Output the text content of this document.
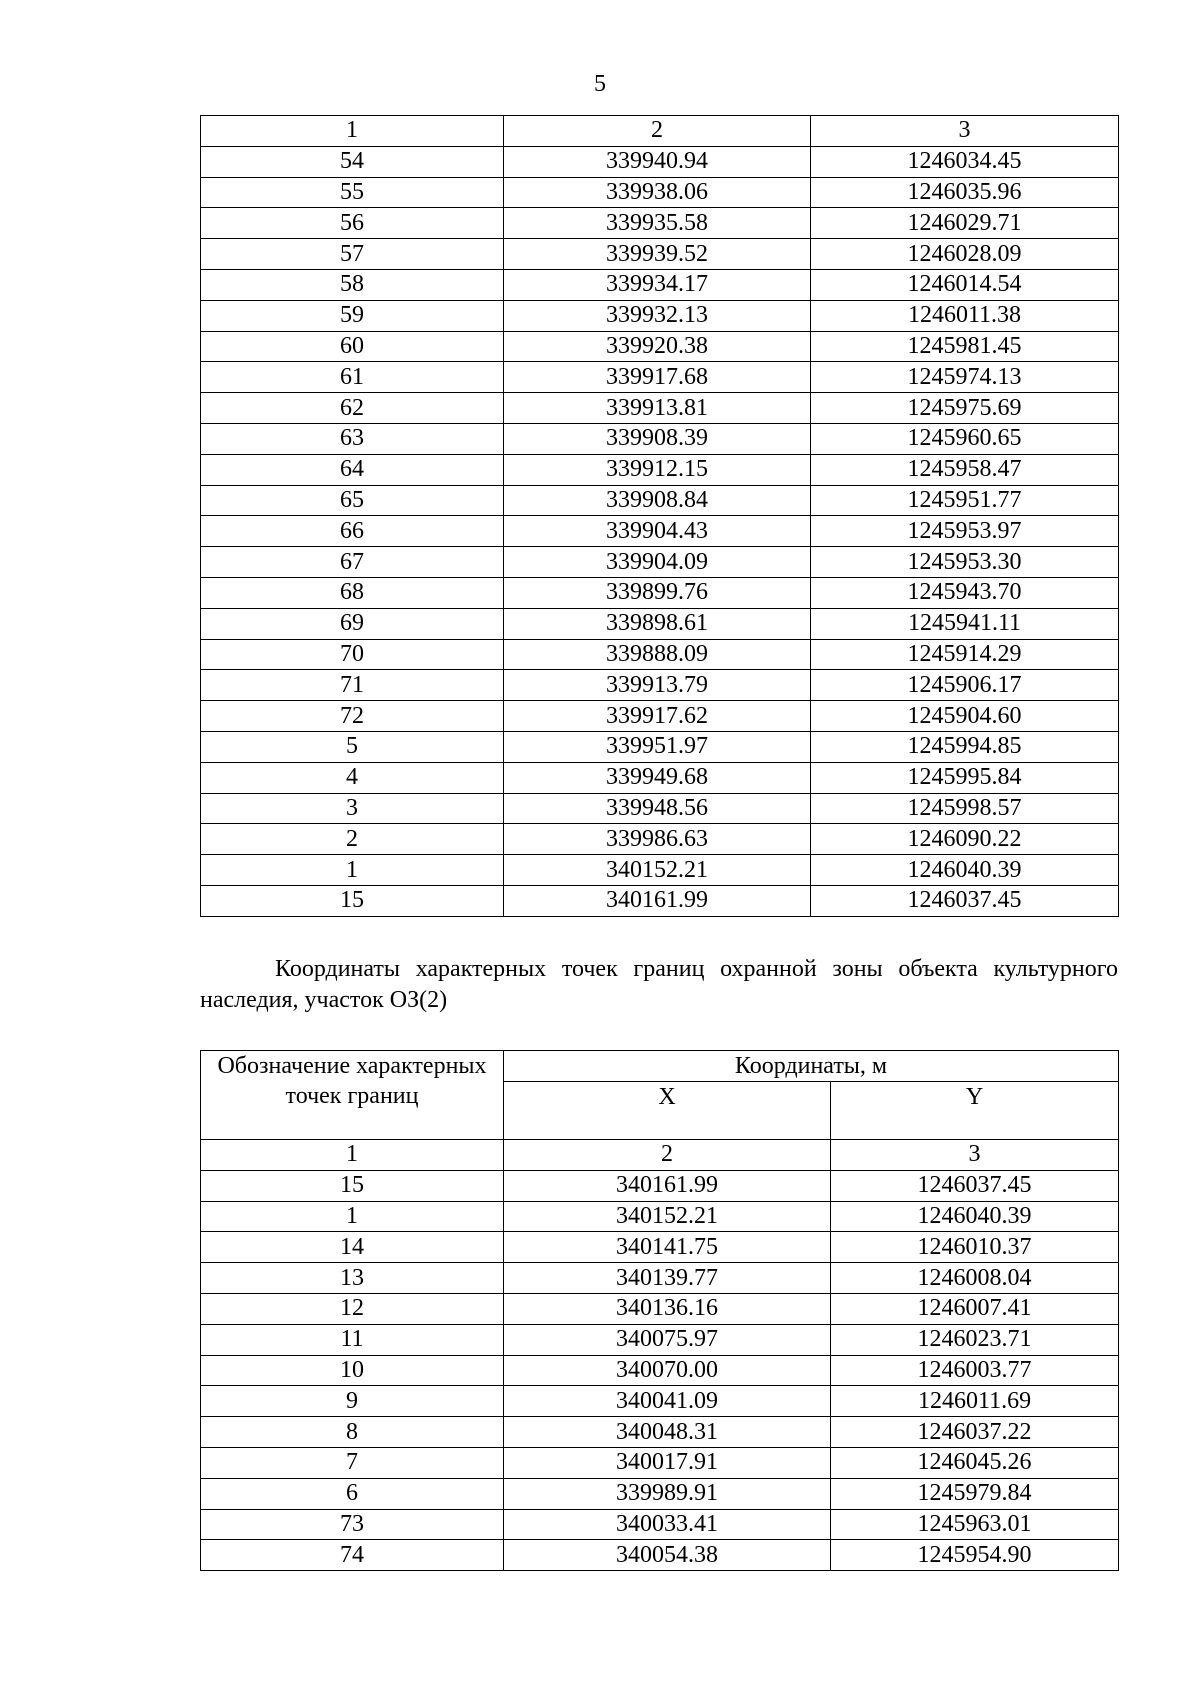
5
1	2	3
54	339940.94	1246034.45
55	339938.06	1246035.96
56	339935.58	1246029.71
57	339939.52	1246028.09
58	339934.17	1246014.54
59	339932.13	1246011.38
60	339920.38	1245981.45
61	339917.68	1245974.13
62	339913.81	1245975.69
63	339908.39	1245960.65
64	339912.15	1245958.47
65	339908.84	1245951.77
66	339904.43	1245953.97
67	339904.09	1245953.30
68	339899.76	1245943.70
69	339898.61	1245941.11
70	339888.09	1245914.29
71	339913.79	1245906.17
72	339917.62	1245904.60
5	339951.97	1245994.85
4	339949.68	1245995.84
3	339948.56	1245998.57
2	339986.63	1246090.22
1	340152.21	1246040.39
15	340161.99	1246037.45

Координаты характерных точек границ охранной зоны объекта культурного наследия, участок ОЗ(2)

Обозначение характерных точек границ	Координаты, м	
	X	Y
1	2	3
15	340161.99	1246037.45
1	340152.21	1246040.39
14	340141.75	1246010.37
13	340139.77	1246008.04
12	340136.16	1246007.41
11	340075.97	1246023.71
10	340070.00	1246003.77
9	340041.09	1246011.69
8	340048.31	1246037.22
7	340017.91	1246045.26
6	339989.91	1245979.84
73	340033.41	1245963.01
74	340054.38	1245954.90
